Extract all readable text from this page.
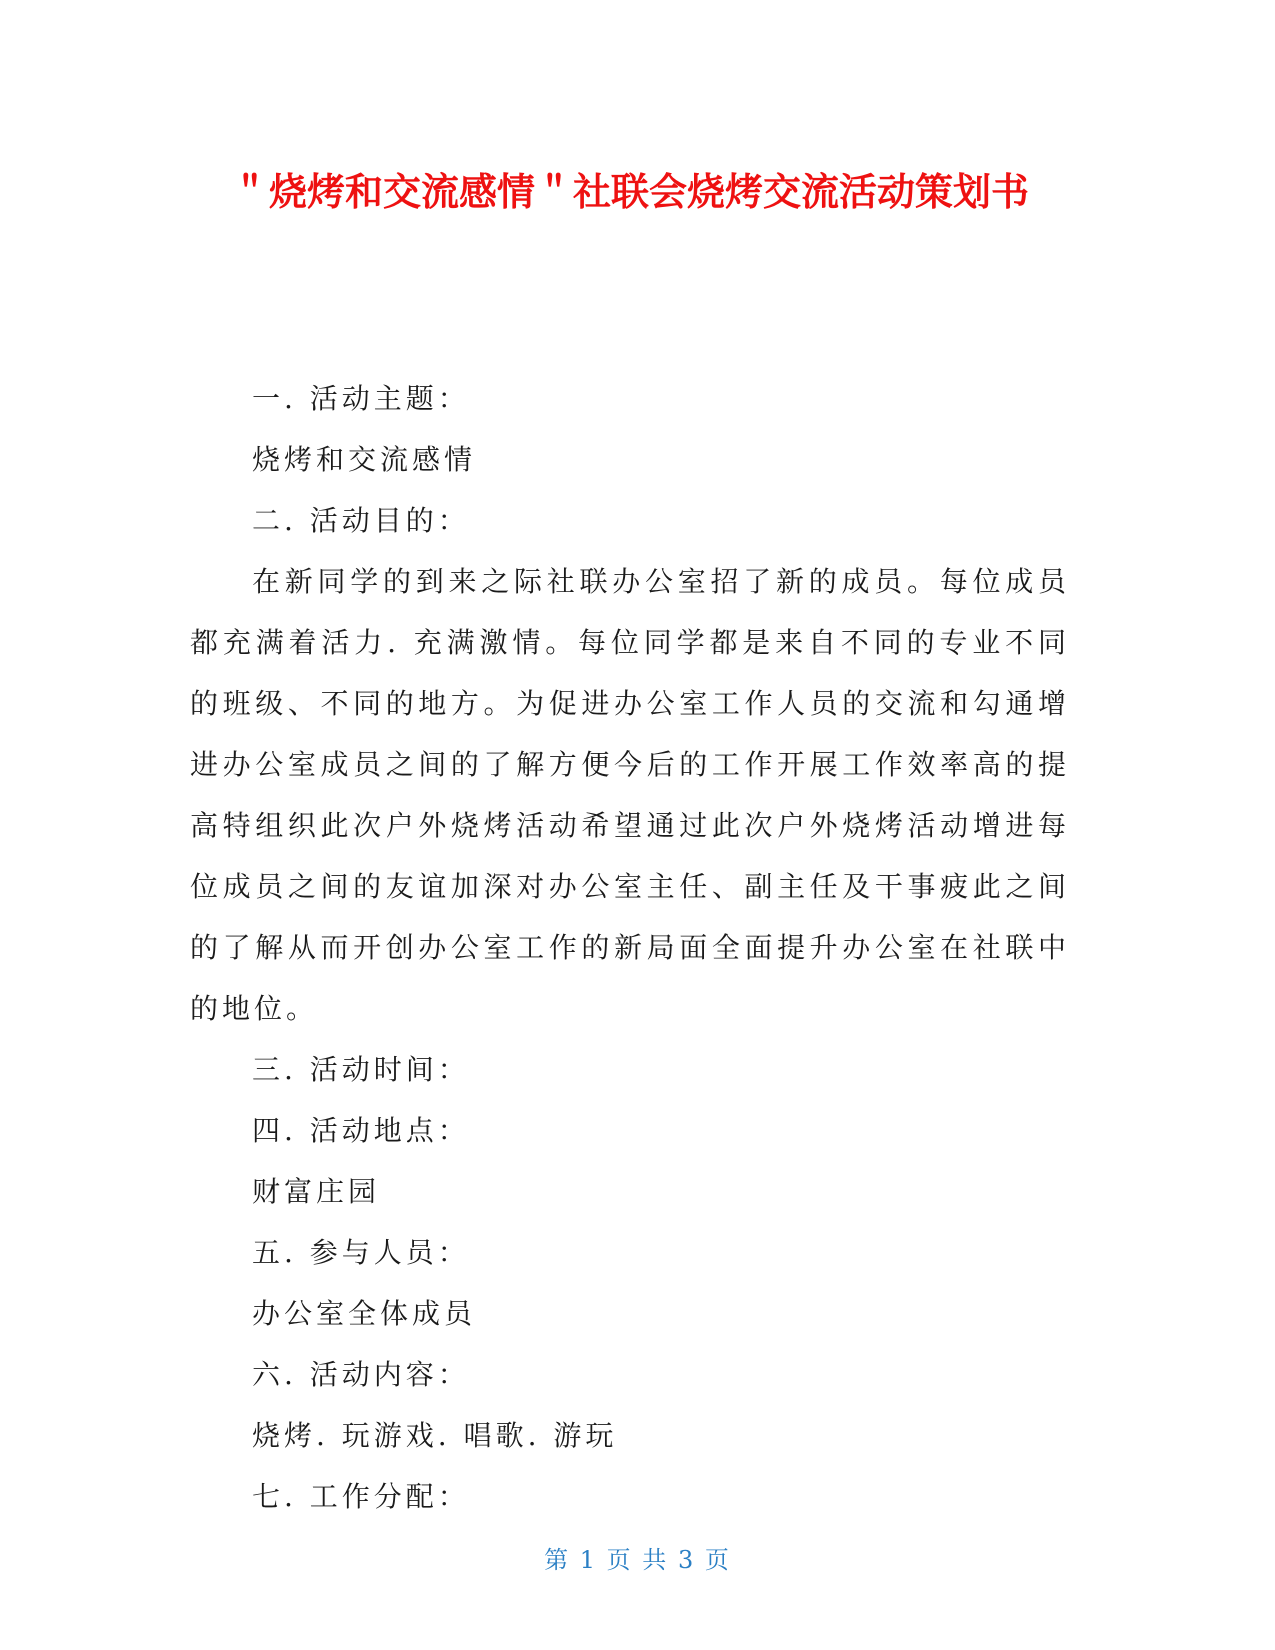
＂烧烤和交流感情＂社联会烧烤交流活动策划书

一. 活动主题：

烧烤和交流感情

二. 活动目的：

在新同学的到来之际社联办公室招了新的成员。每位成员都充满着活力. 充满激情。每位同学都是来自不同的专业不同的班级、不同的地方。为促进办公室工作人员的交流和勾通增进办公室成员之间的了解方便今后的工作开展工作效率高的提高特组织此次户外烧烤活动希望通过此次户外烧烤活动增进每位成员之间的友谊加深对办公室主任、副主任及干事疲此之间的了解从而开创办公室工作的新局面全面提升办公室在社联中的地位。

三. 活动时间：

四. 活动地点：

财富庄园

五. 参与人员：

办公室全体成员

六. 活动内容：

烧烤. 玩游戏. 唱歌. 游玩

七. 工作分配：

第 1 页 共 3 页
